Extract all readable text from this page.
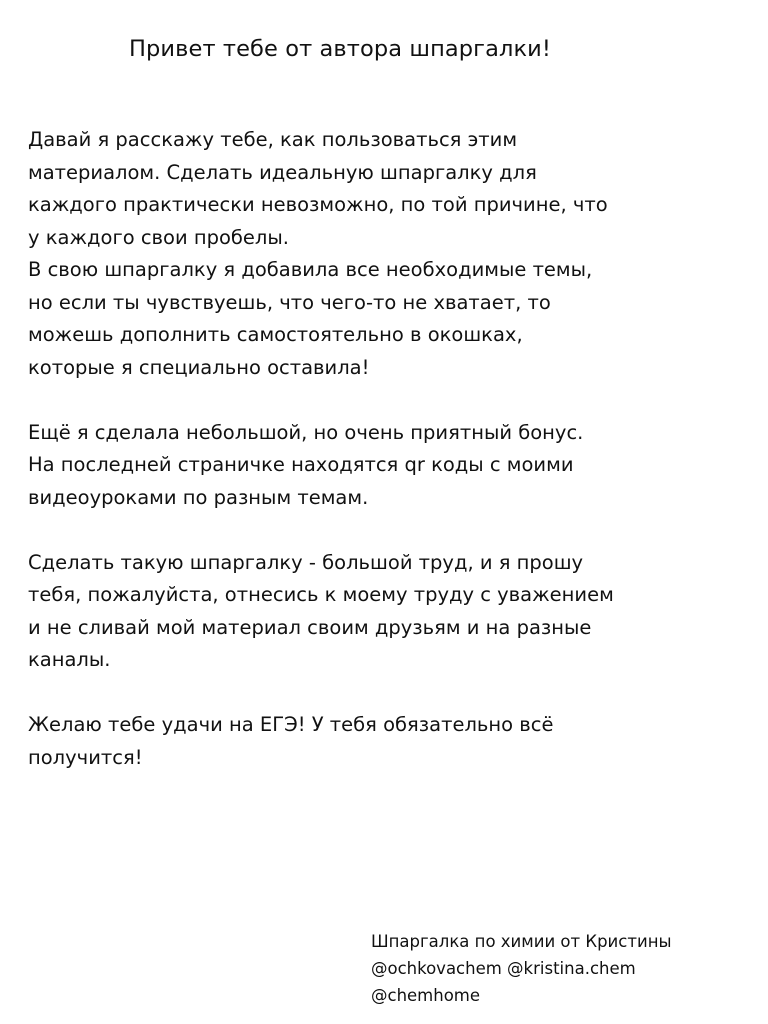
Привет тебе от автора шпаргалки!

Давай я расскажу тебе, как пользоваться этим
материалом. Сделать идеальную шпаргалку для
каждого практически невозможно, по той причине, что
у каждого свои пробелы.
В свою шпаргалку я добавила все необходимые темы,
но если ты чувствуешь, что чего-то не хватает, то
можешь дополнить самостоятельно в окошках,
которые я специально оставила!

Ещё я сделала небольшой, но очень приятный бонус.
На последней страничке находятся qr коды с моими
видеоуроками по разным темам.

Сделать такую шпаргалку - большой труд, и я прошу
тебя, пожалуйста, отнесись к моему труду с уважением
и не сливай мой материал своим друзьям и на разные
каналы.

Желаю тебе удачи на ЕГЭ! У тебя обязательно всё
получится!

Шпаргалка по химии от Кристины
@ochkovachem @kristina.chem
@chemhome
